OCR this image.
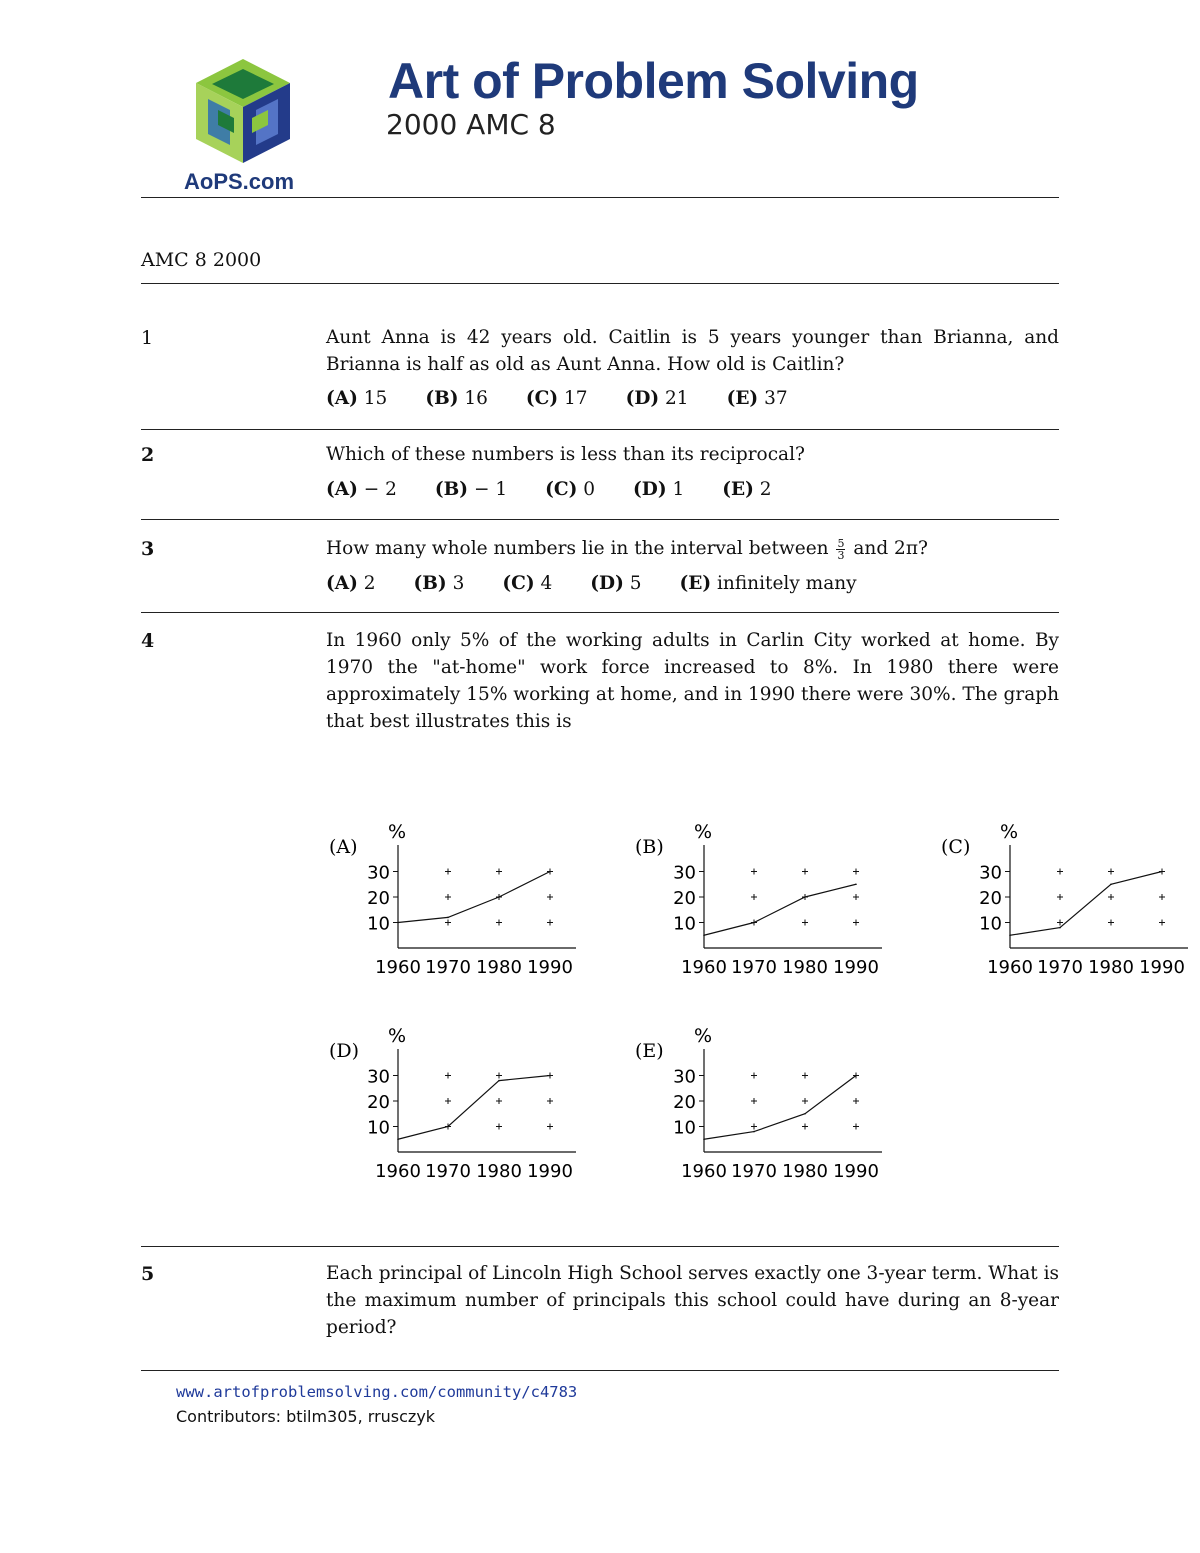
AoPS.com
Art of Problem Solving
2000 AMC 8
AMC 8 2000
1	Aunt Anna is 42 years old. Caitlin is 5 years younger than Brianna, and Brianna is half as old as Aunt Anna. How old is Caitlin?
(A) 15 (B) 16 (C) 17 (D) 21 (E) 37
2	Which of these numbers is less than its reciprocal?
(A) − 2 (B) − 1 (C) 0 (D) 1 (E) 2
3	How many whole numbers lie in the interval between $\frac{5}{3}$ and 2π?
(A) 2 (B) 3 (C) 4 (D) 5 (E) infinitely many
4	In 1960 only 5% of the working adults in Carlin City worked at home. By 1970 the "at-home" work force increased to 8%. In 1980 there were approximately 15% working at home, and in 1990 there were 30%. The graph that best illustrates this is
(A)
%
10
20
30
1960 1970 1980 1990
(B)
%
10
20
30
1960 1970 1980 1990
(C)
%
10
20
30
1960 1970 1980 1990
(D)
%
10
20
30
1960 1970 1980 1990
(E)
%
10
20
30
1960 1970 1980 1990
5	Each principal of Lincoln High School serves exactly one 3-year term. What is the maximum number of principals this school could have during an 8-year period?
www.artofproblemsolving.com/community/c4783
Contributors: btilm305, rrusczyk
